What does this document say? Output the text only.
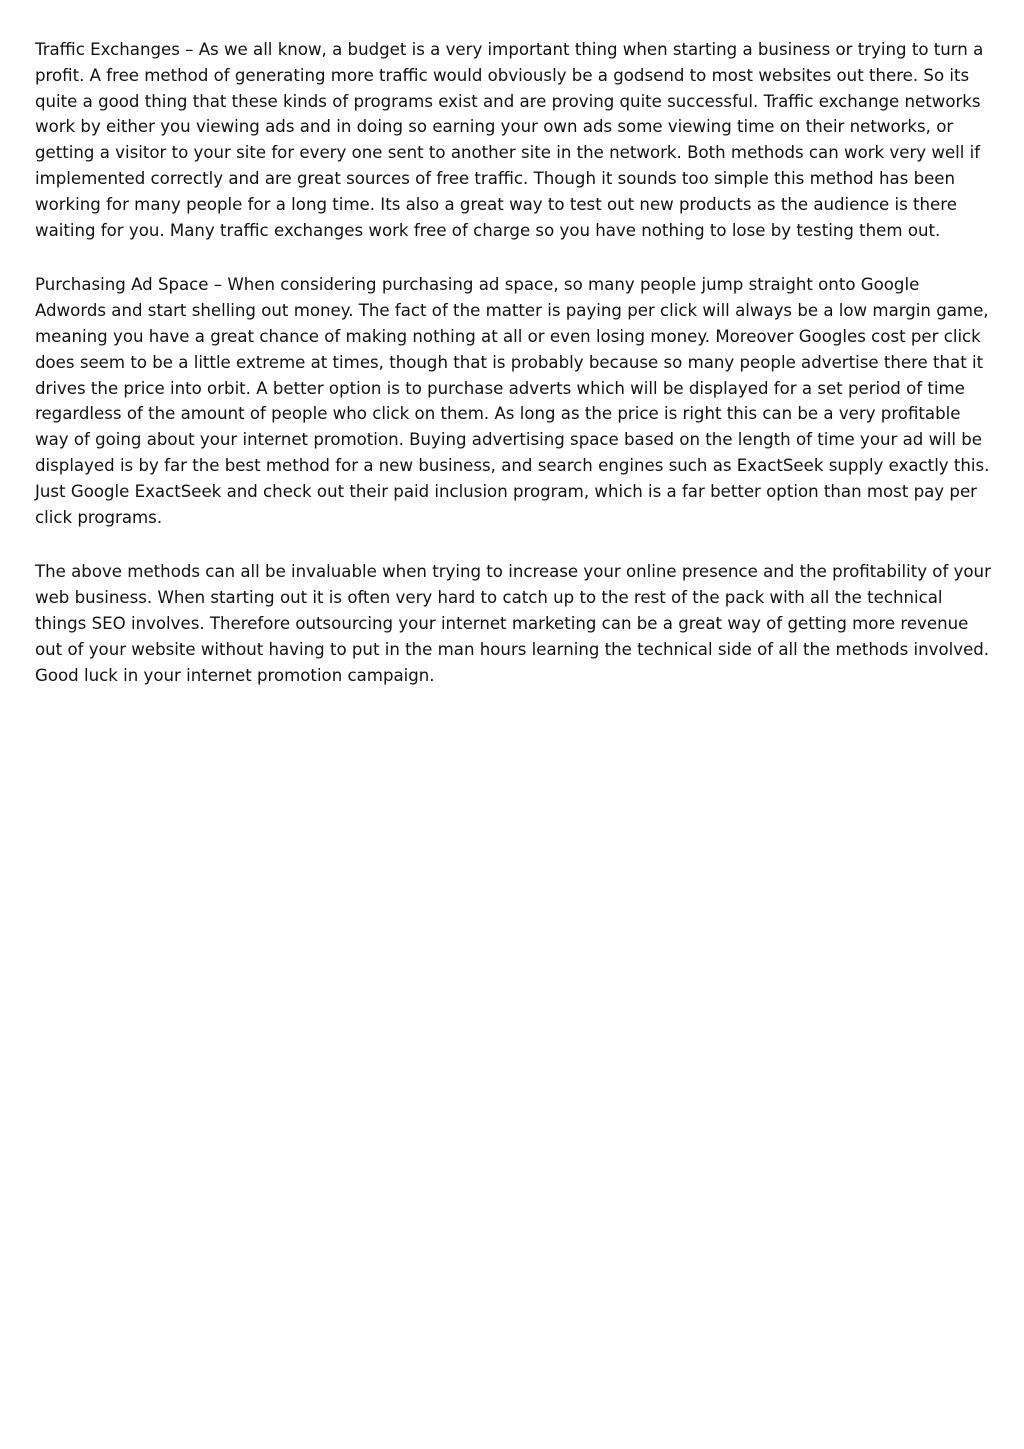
Traffic Exchanges – As we all know, a budget is a very important thing when starting a business or trying to turn a
profit. A free method of generating more traffic would obviously be a godsend to most websites out there. So its
quite a good thing that these kinds of programs exist and are proving quite successful. Traffic exchange networks
work by either you viewing ads and in doing so earning your own ads some viewing time on their networks, or
getting a visitor to your site for every one sent to another site in the network. Both methods can work very well if
implemented correctly and are great sources of free traffic. Though it sounds too simple this method has been
working for many people for a long time. Its also a great way to test out new products as the audience is there
waiting for you. Many traffic exchanges work free of charge so you have nothing to lose by testing them out.

Purchasing Ad Space – When considering purchasing ad space, so many people jump straight onto Google
Adwords and start shelling out money. The fact of the matter is paying per click will always be a low margin game,
meaning you have a great chance of making nothing at all or even losing money. Moreover Googles cost per click
does seem to be a little extreme at times, though that is probably because so many people advertise there that it
drives the price into orbit. A better option is to purchase adverts which will be displayed for a set period of time
regardless of the amount of people who click on them. As long as the price is right this can be a very profitable
way of going about your internet promotion. Buying advertising space based on the length of time your ad will be
displayed is by far the best method for a new business, and search engines such as ExactSeek supply exactly this.
Just Google ExactSeek and check out their paid inclusion program, which is a far better option than most pay per
click programs.

The above methods can all be invaluable when trying to increase your online presence and the profitability of your
web business. When starting out it is often very hard to catch up to the rest of the pack with all the technical
things SEO involves. Therefore outsourcing your internet marketing can be a great way of getting more revenue
out of your website without having to put in the man hours learning the technical side of all the methods involved.
Good luck in your internet promotion campaign.
